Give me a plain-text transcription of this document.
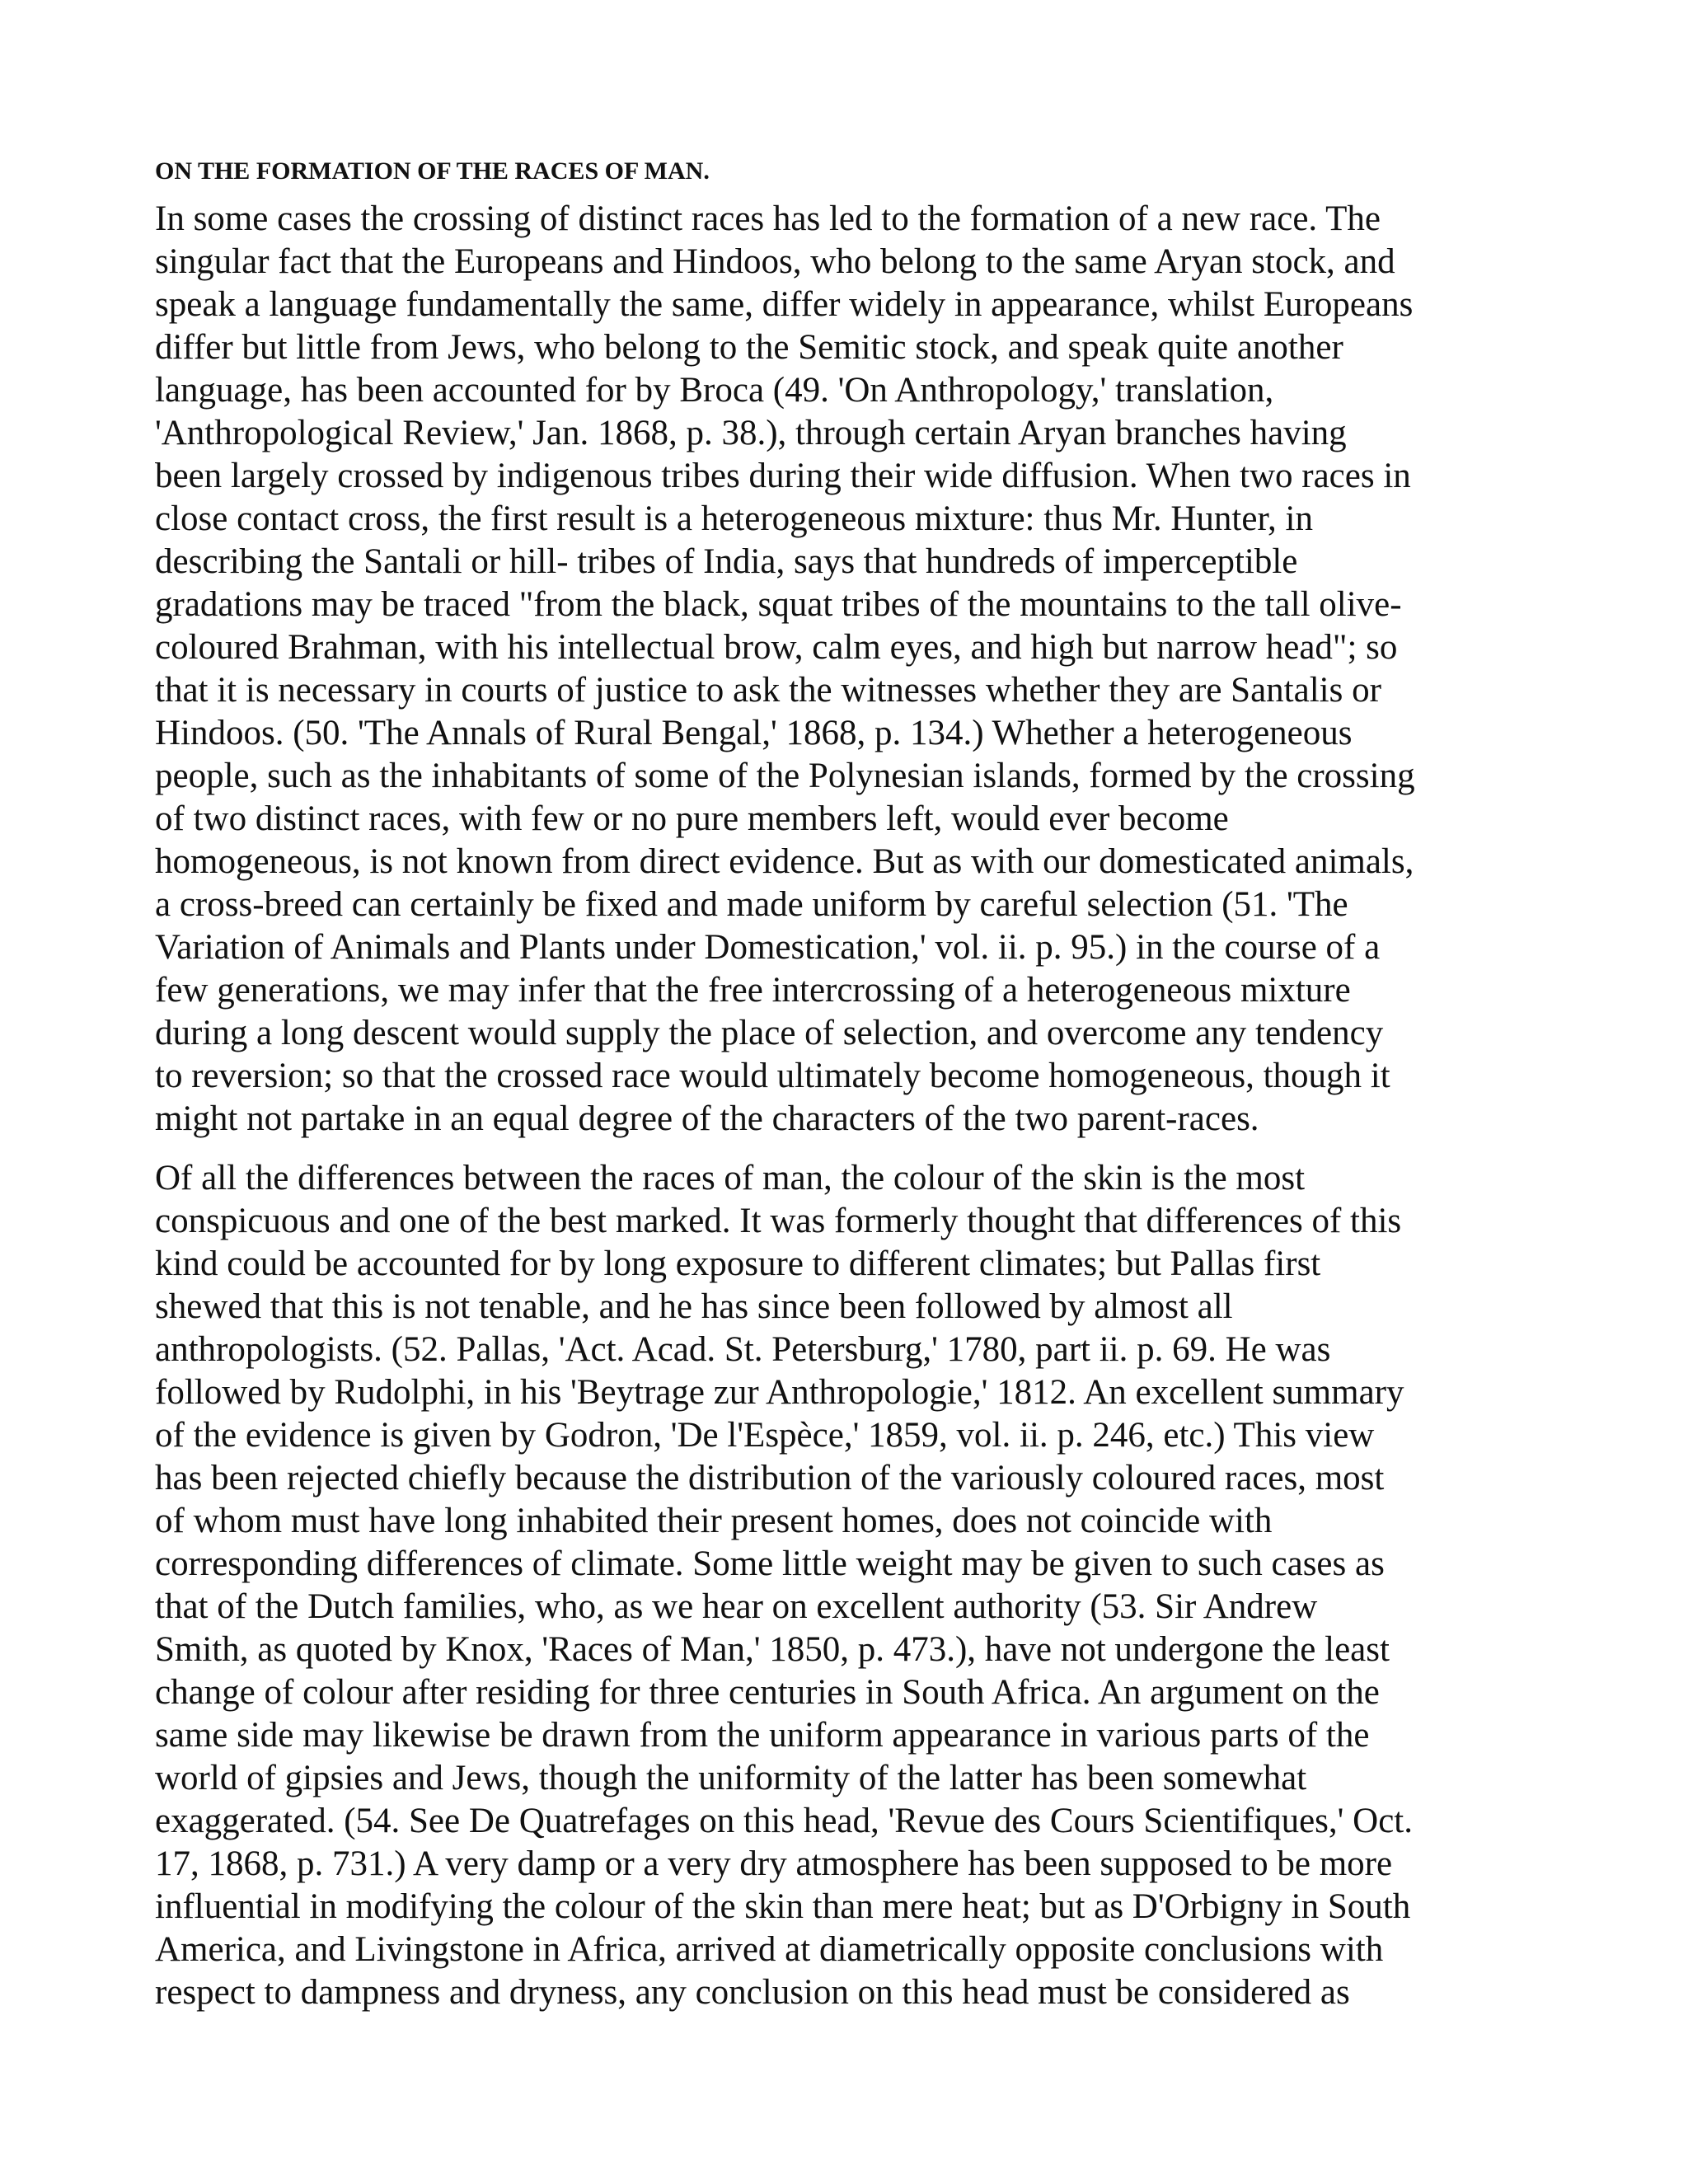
ON THE FORMATION OF THE RACES OF MAN.

In some cases the crossing of distinct races has led to the formation of a new race. The
singular fact that the Europeans and Hindoos, who belong to the same Aryan stock, and
speak a language fundamentally the same, differ widely in appearance, whilst Europeans
differ but little from Jews, who belong to the Semitic stock, and speak quite another
language, has been accounted for by Broca (49. 'On Anthropology,' translation,
'Anthropological Review,' Jan. 1868, p. 38.), through certain Aryan branches having
been largely crossed by indigenous tribes during their wide diffusion. When two races in
close contact cross, the first result is a heterogeneous mixture: thus Mr. Hunter, in
describing the Santali or hill- tribes of India, says that hundreds of imperceptible
gradations may be traced "from the black, squat tribes of the mountains to the tall olive-
coloured Brahman, with his intellectual brow, calm eyes, and high but narrow head"; so
that it is necessary in courts of justice to ask the witnesses whether they are Santalis or
Hindoos. (50. 'The Annals of Rural Bengal,' 1868, p. 134.) Whether a heterogeneous
people, such as the inhabitants of some of the Polynesian islands, formed by the crossing
of two distinct races, with few or no pure members left, would ever become
homogeneous, is not known from direct evidence. But as with our domesticated animals,
a cross-breed can certainly be fixed and made uniform by careful selection (51. 'The
Variation of Animals and Plants under Domestication,' vol. ii. p. 95.) in the course of a
few generations, we may infer that the free intercrossing of a heterogeneous mixture
during a long descent would supply the place of selection, and overcome any tendency
to reversion; so that the crossed race would ultimately become homogeneous, though it
might not partake in an equal degree of the characters of the two parent-races.

Of all the differences between the races of man, the colour of the skin is the most
conspicuous and one of the best marked. It was formerly thought that differences of this
kind could be accounted for by long exposure to different climates; but Pallas first
shewed that this is not tenable, and he has since been followed by almost all
anthropologists. (52. Pallas, 'Act. Acad. St. Petersburg,' 1780, part ii. p. 69. He was
followed by Rudolphi, in his 'Beytrage zur Anthropologie,' 1812. An excellent summary
of the evidence is given by Godron, 'De l'Espèce,' 1859, vol. ii. p. 246, etc.) This view
has been rejected chiefly because the distribution of the variously coloured races, most
of whom must have long inhabited their present homes, does not coincide with
corresponding differences of climate. Some little weight may be given to such cases as
that of the Dutch families, who, as we hear on excellent authority (53. Sir Andrew
Smith, as quoted by Knox, 'Races of Man,' 1850, p. 473.), have not undergone the least
change of colour after residing for three centuries in South Africa. An argument on the
same side may likewise be drawn from the uniform appearance in various parts of the
world of gipsies and Jews, though the uniformity of the latter has been somewhat
exaggerated. (54. See De Quatrefages on this head, 'Revue des Cours Scientifiques,' Oct.
17, 1868, p. 731.) A very damp or a very dry atmosphere has been supposed to be more
influential in modifying the colour of the skin than mere heat; but as D'Orbigny in South
America, and Livingstone in Africa, arrived at diametrically opposite conclusions with
respect to dampness and dryness, any conclusion on this head must be considered as
